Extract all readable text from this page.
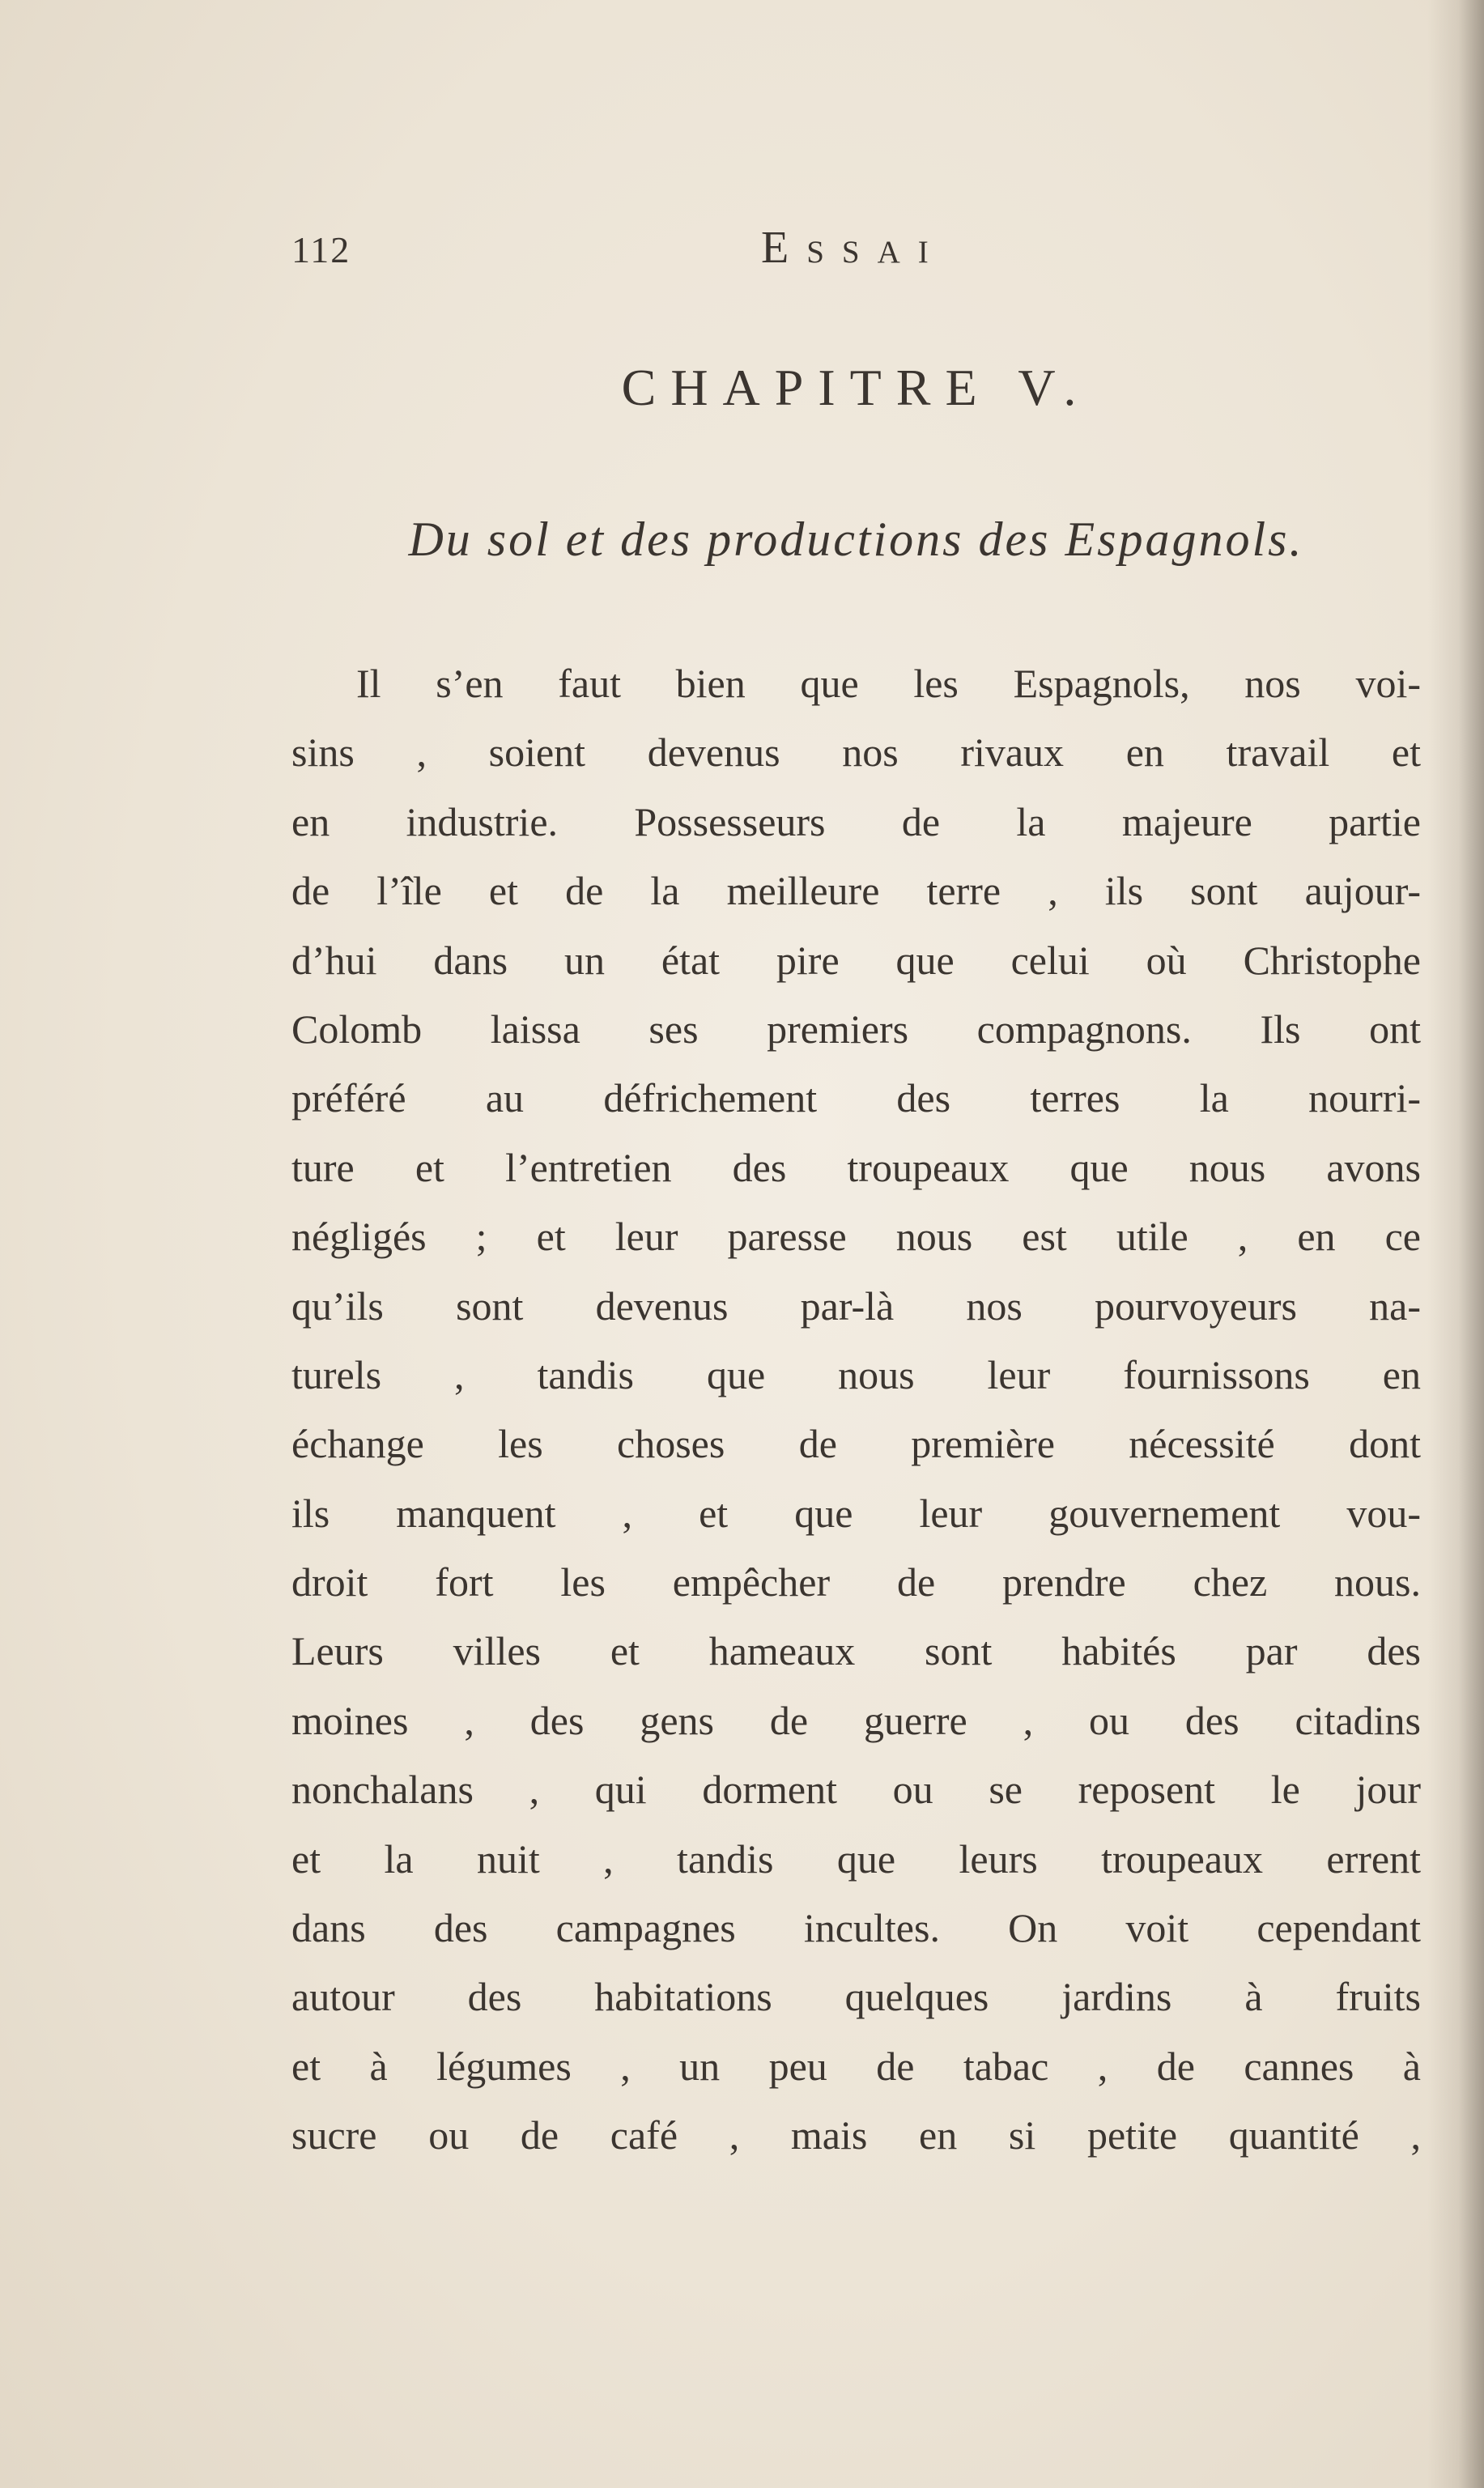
112	Essai
CHAPITRE V.
Du sol et des productions des Espagnols.
Il s’en faut bien que les Espagnols, nos voi-
sins , soient devenus nos rivaux en travail et
en industrie. Possesseurs de la majeure partie
de l’île et de la meilleure terre , ils sont aujour-
d’hui dans un état pire que celui où Christophe
Colomb laissa ses premiers compagnons. Ils ont
préféré au défrichement des terres la nourri-
ture et l’entretien des troupeaux que nous avons
négligés ; et leur paresse nous est utile , en ce
qu’ils sont devenus par-là nos pourvoyeurs na-
turels , tandis que nous leur fournissons en
échange les choses de première nécessité dont
ils manquent , et que leur gouvernement vou-
droit fort les empêcher de prendre chez nous.
Leurs villes et hameaux sont habités par des
moines , des gens de guerre , ou des citadins
nonchalans , qui dorment ou se reposent le jour
et la nuit , tandis que leurs troupeaux errent
dans des campagnes incultes. On voit cependant
autour des habitations quelques jardins à fruits
et à légumes , un peu de tabac , de cannes à
sucre ou de café , mais en si petite quantité ,
